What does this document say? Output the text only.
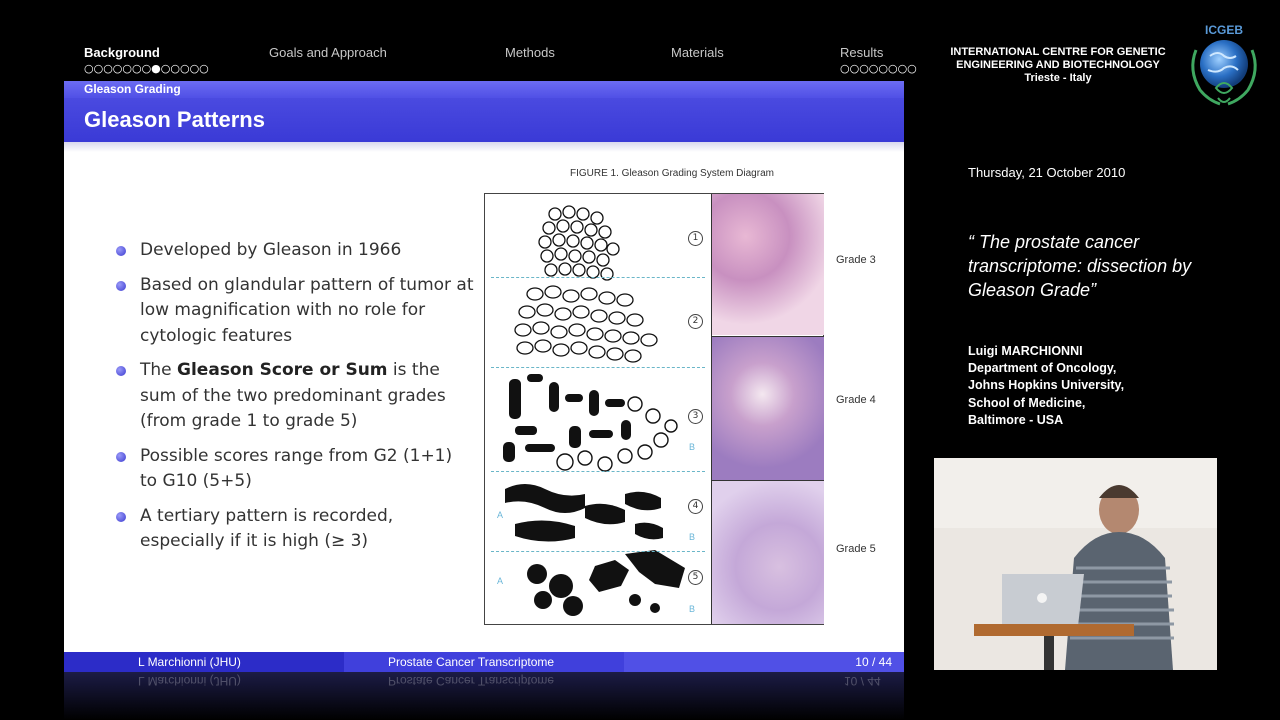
Background
○○○○○○○●○○○○○
Goals and Approach	Methods	Materials	Results
○○○○○○○○
Gleason Grading
Gleason Patterns
Developed by Gleason in 1966
Based on glandular pattern of tumor at low magnification with no role for cytologic features
The Gleason Score or Sum is the sum of the two predominant grades (from grade 1 to grade 5)
Possible scores range from G2 (1+1) to G10 (5+5)
A tertiary pattern is recorded, especially if it is high (≥ 3)
FIGURE 1. Gleason Grading System Diagram
1
2
3
4
5
B
A
B
A
B
Grade 3
Grade 4
Grade 5
L Marchionni (JHU)	Prostate Cancer Transcriptome	10 / 44
L Marchionni (JHU)	Prostate Cancer Transcriptome	10 / 44
INTERNATIONAL CENTRE FOR GENETIC
ENGINEERING AND BIOTECHNOLOGY
Trieste - Italy
ICGEB
Thursday, 21 October 2010
“ The prostate cancer transcriptome: dissection by Gleason Grade”
Luigi MARCHIONNI
Department of Oncology,
Johns Hopkins University,
School of Medicine,
Baltimore - USA
